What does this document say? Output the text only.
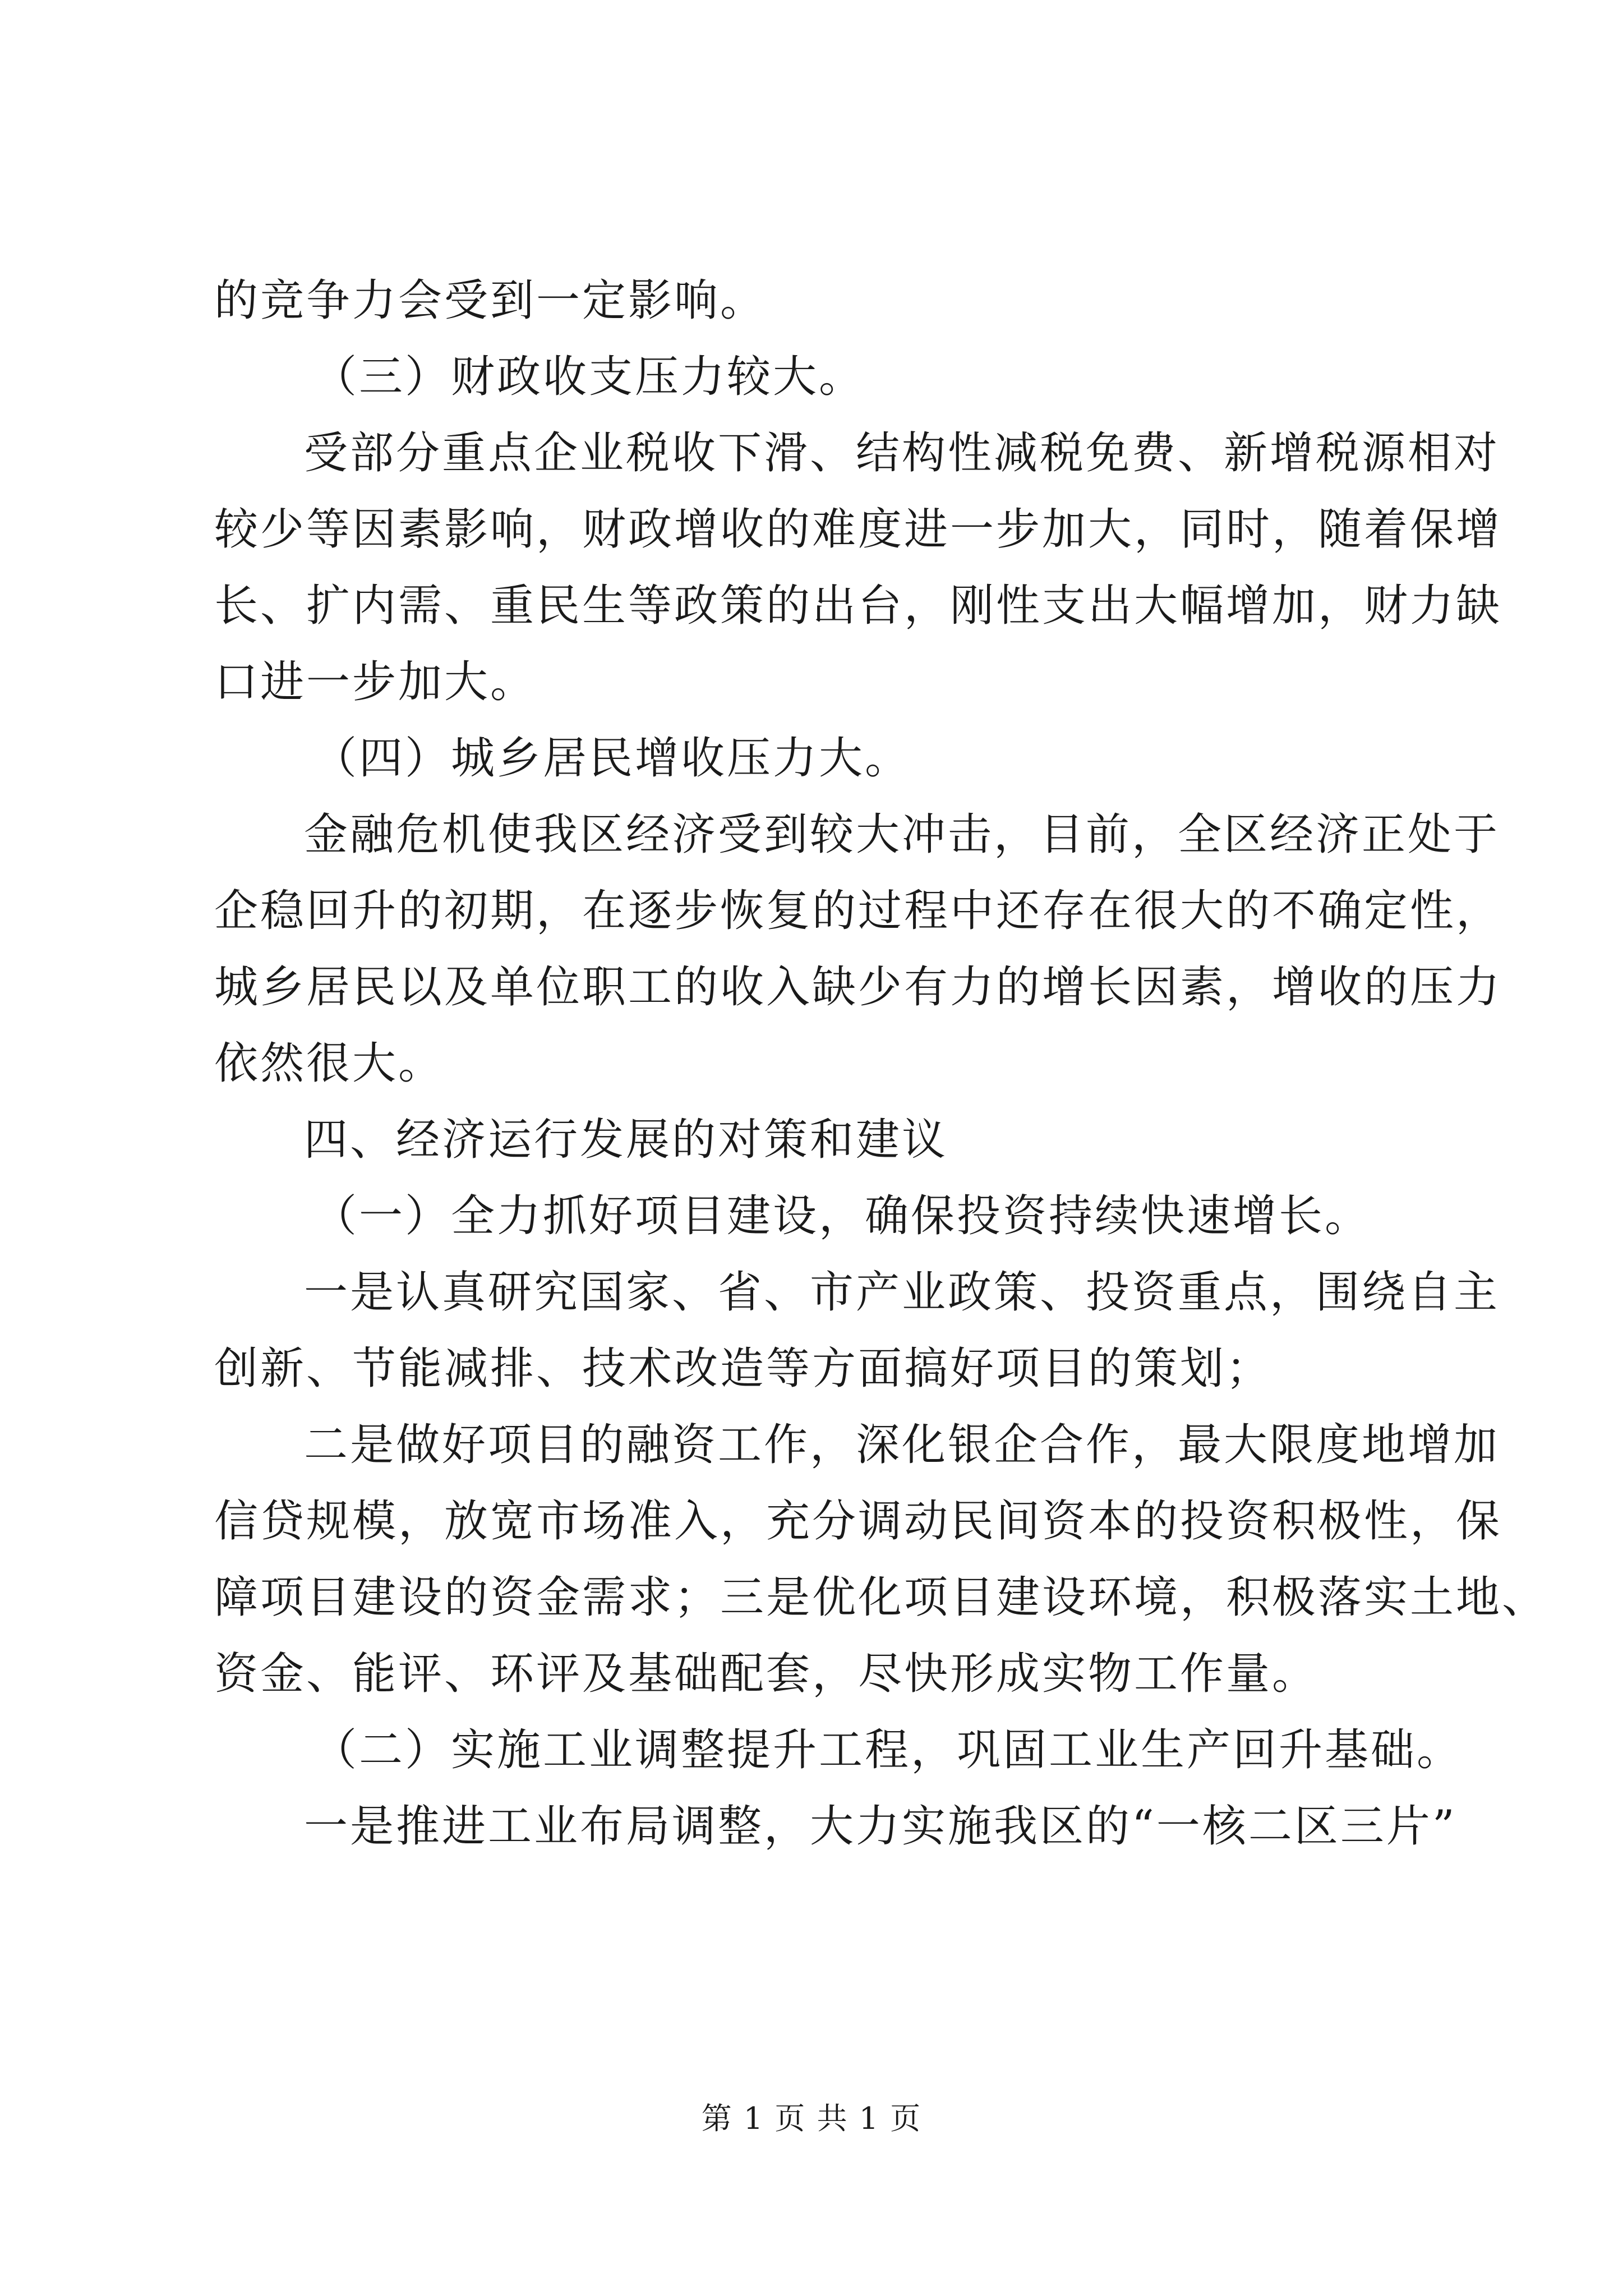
的竞争力会受到一定影响。
（三）财政收支压力较大。
受部分重点企业税收下滑、结构性减税免费、新增税源相对
较少等因素影响，财政增收的难度进一步加大，同时，随着保增
长、扩内需、重民生等政策的出台，刚性支出大幅增加，财力缺
口进一步加大。
（四）城乡居民增收压力大。
金融危机使我区经济受到较大冲击，目前，全区经济正处于
企稳回升的初期，在逐步恢复的过程中还存在很大的不确定性，
城乡居民以及单位职工的收入缺少有力的增长因素，增收的压力
依然很大。
四、经济运行发展的对策和建议
（一）全力抓好项目建设，确保投资持续快速增长。
一是认真研究国家、省、市产业政策、投资重点，围绕自主
创新、节能减排、技术改造等方面搞好项目的策划；
二是做好项目的融资工作，深化银企合作，最大限度地增加
信贷规模，放宽市场准入，充分调动民间资本的投资积极性，保
障项目建设的资金需求；三是优化项目建设环境，积极落实土地、
资金、能评、环评及基础配套，尽快形成实物工作量。
（二）实施工业调整提升工程，巩固工业生产回升基础。
一是推进工业布局调整，大力实施我区的“一核二区三片”
第 1 页 共 1 页
